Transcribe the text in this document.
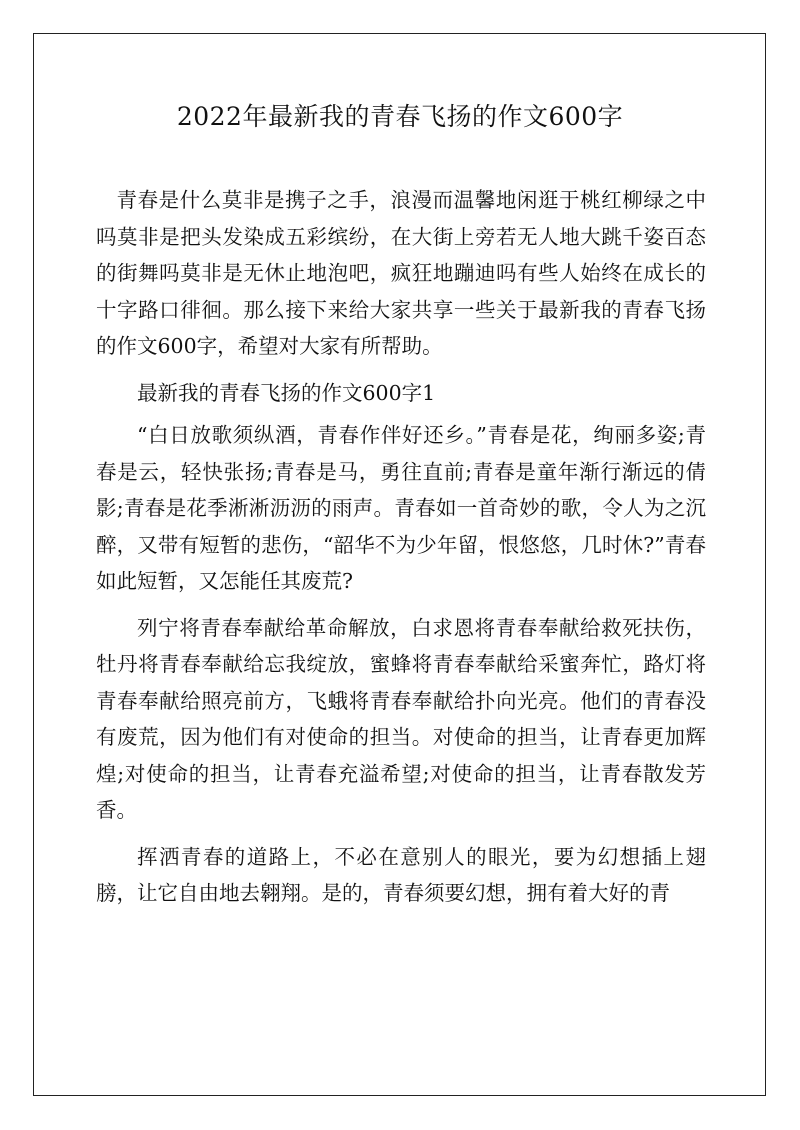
2022年最新我的青春飞扬的作文600字

青春是什么莫非是携子之手，浪漫而温馨地闲逛于桃红柳绿之中吗莫非是把头发染成五彩缤纷，在大街上旁若无人地大跳千姿百态的街舞吗莫非是无休止地泡吧，疯狂地蹦迪吗有些人始终在成长的十字路口徘徊。那么接下来给大家共享一些关于最新我的青春飞扬的作文600字，希望对大家有所帮助。

最新我的青春飞扬的作文600字1

“白日放歌须纵酒，青春作伴好还乡。”青春是花，绚丽多姿;青春是云，轻快张扬;青春是马，勇往直前;青春是童年渐行渐远的倩影;青春是花季淅淅沥沥的雨声。青春如一首奇妙的歌，令人为之沉醉，又带有短暂的悲伤，“韶华不为少年留，恨悠悠，几时休?”青春如此短暂，又怎能任其废荒?

列宁将青春奉献给革命解放，白求恩将青春奉献给救死扶伤，牡丹将青春奉献给忘我绽放，蜜蜂将青春奉献给采蜜奔忙，路灯将青春奉献给照亮前方，飞蛾将青春奉献给扑向光亮。他们的青春没有废荒，因为他们有对使命的担当。对使命的担当，让青春更加辉煌;对使命的担当，让青春充溢希望;对使命的担当，让青春散发芳香。

挥洒青春的道路上，不必在意别人的眼光，要为幻想插上翅膀，让它自由地去翱翔。是的，青春须要幻想，拥有着大好的青
